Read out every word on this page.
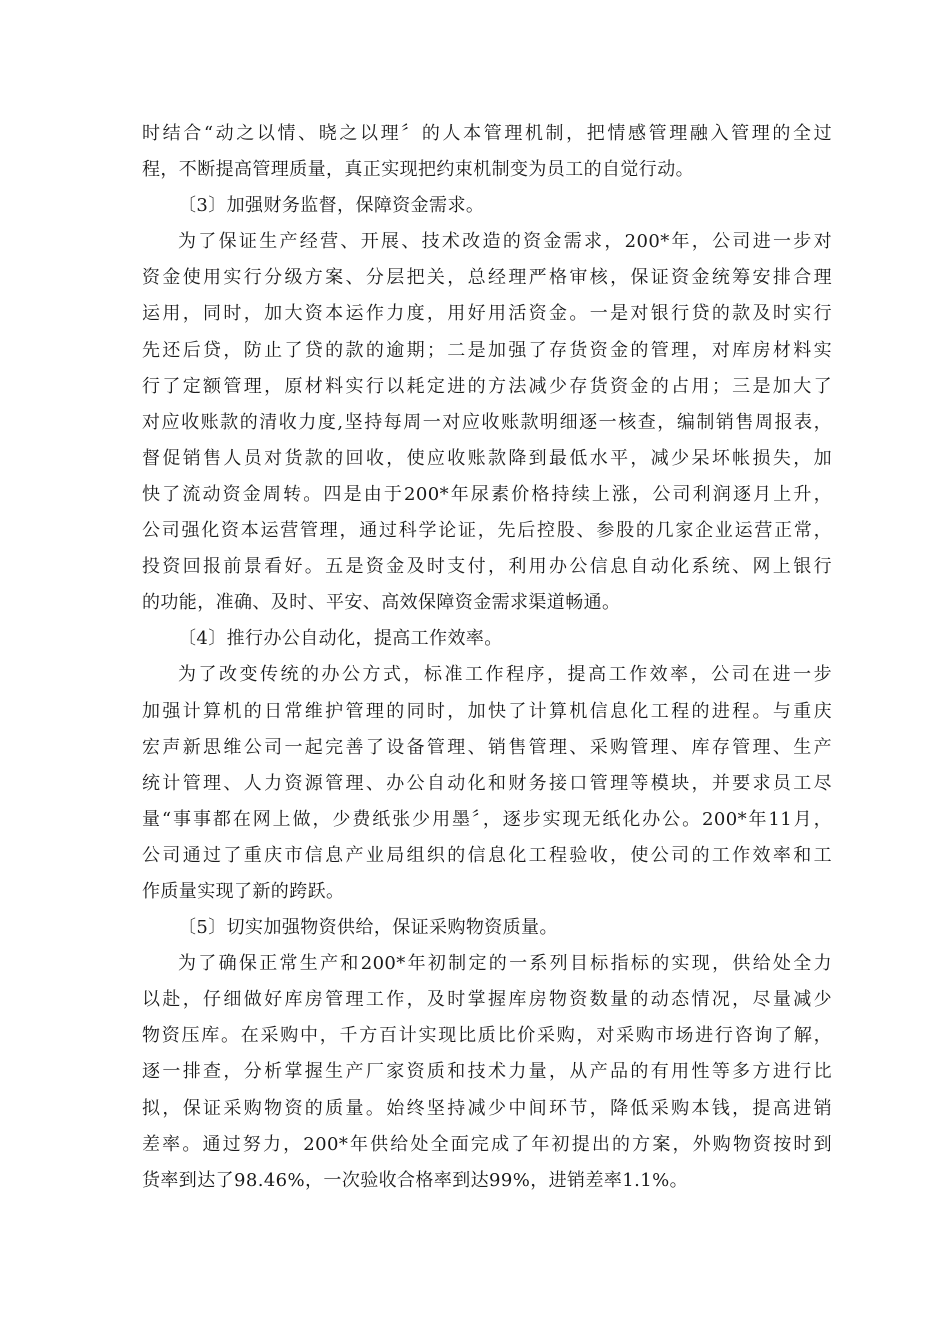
时结合“动之以情、晓之以理〞的人本管理机制，把情感管理融入管理的全过
程，不断提高管理质量，真正实现把约束机制变为员工的自觉行动。
〔3〕加强财务监督，保障资金需求。
为了保证生产经营、开展、技术改造的资金需求，200*年，公司进一步对
资金使用实行分级方案、分层把关，总经理严格审核，保证资金统筹安排合理
运用，同时，加大资本运作力度，用好用活资金。一是对银行贷的款及时实行
先还后贷，防止了贷的款的逾期；二是加强了存货资金的管理，对库房材料实
行了定额管理，原材料实行以耗定进的方法减少存货资金的占用；三是加大了
对应收账款的清收力度,坚持每周一对应收账款明细逐一核查，编制销售周报表，
督促销售人员对货款的回收，使应收账款降到最低水平，减少呆坏帐损失，加
快了流动资金周转。四是由于200*年尿素价格持续上涨，公司利润逐月上升，
公司强化资本运营管理，通过科学论证，先后控股、参股的几家企业运营正常，
投资回报前景看好。五是资金及时支付，利用办公信息自动化系统、网上银行
的功能，准确、及时、平安、高效保障资金需求渠道畅通。
〔4〕推行办公自动化，提高工作效率。
为了改变传统的办公方式，标准工作程序，提高工作效率，公司在进一步
加强计算机的日常维护管理的同时，加快了计算机信息化工程的进程。与重庆
宏声新思维公司一起完善了设备管理、销售管理、采购管理、库存管理、生产
统计管理、人力资源管理、办公自动化和财务接口管理等模块，并要求员工尽
量“事事都在网上做，少费纸张少用墨〞，逐步实现无纸化办公。200*年11月，
公司通过了重庆市信息产业局组织的信息化工程验收，使公司的工作效率和工
作质量实现了新的跨跃。
〔5〕切实加强物资供给，保证采购物资质量。
为了确保正常生产和200*年初制定的一系列目标指标的实现，供给处全力
以赴，仔细做好库房管理工作，及时掌握库房物资数量的动态情况，尽量减少
物资压库。在采购中，千方百计实现比质比价采购，对采购市场进行咨询了解，
逐一排查，分析掌握生产厂家资质和技术力量，从产品的有用性等多方进行比
拟，保证采购物资的质量。始终坚持减少中间环节，降低采购本钱，提高进销
差率。通过努力，200*年供给处全面完成了年初提出的方案，外购物资按时到
货率到达了98.46%，一次验收合格率到达99%，进销差率1.1%。
